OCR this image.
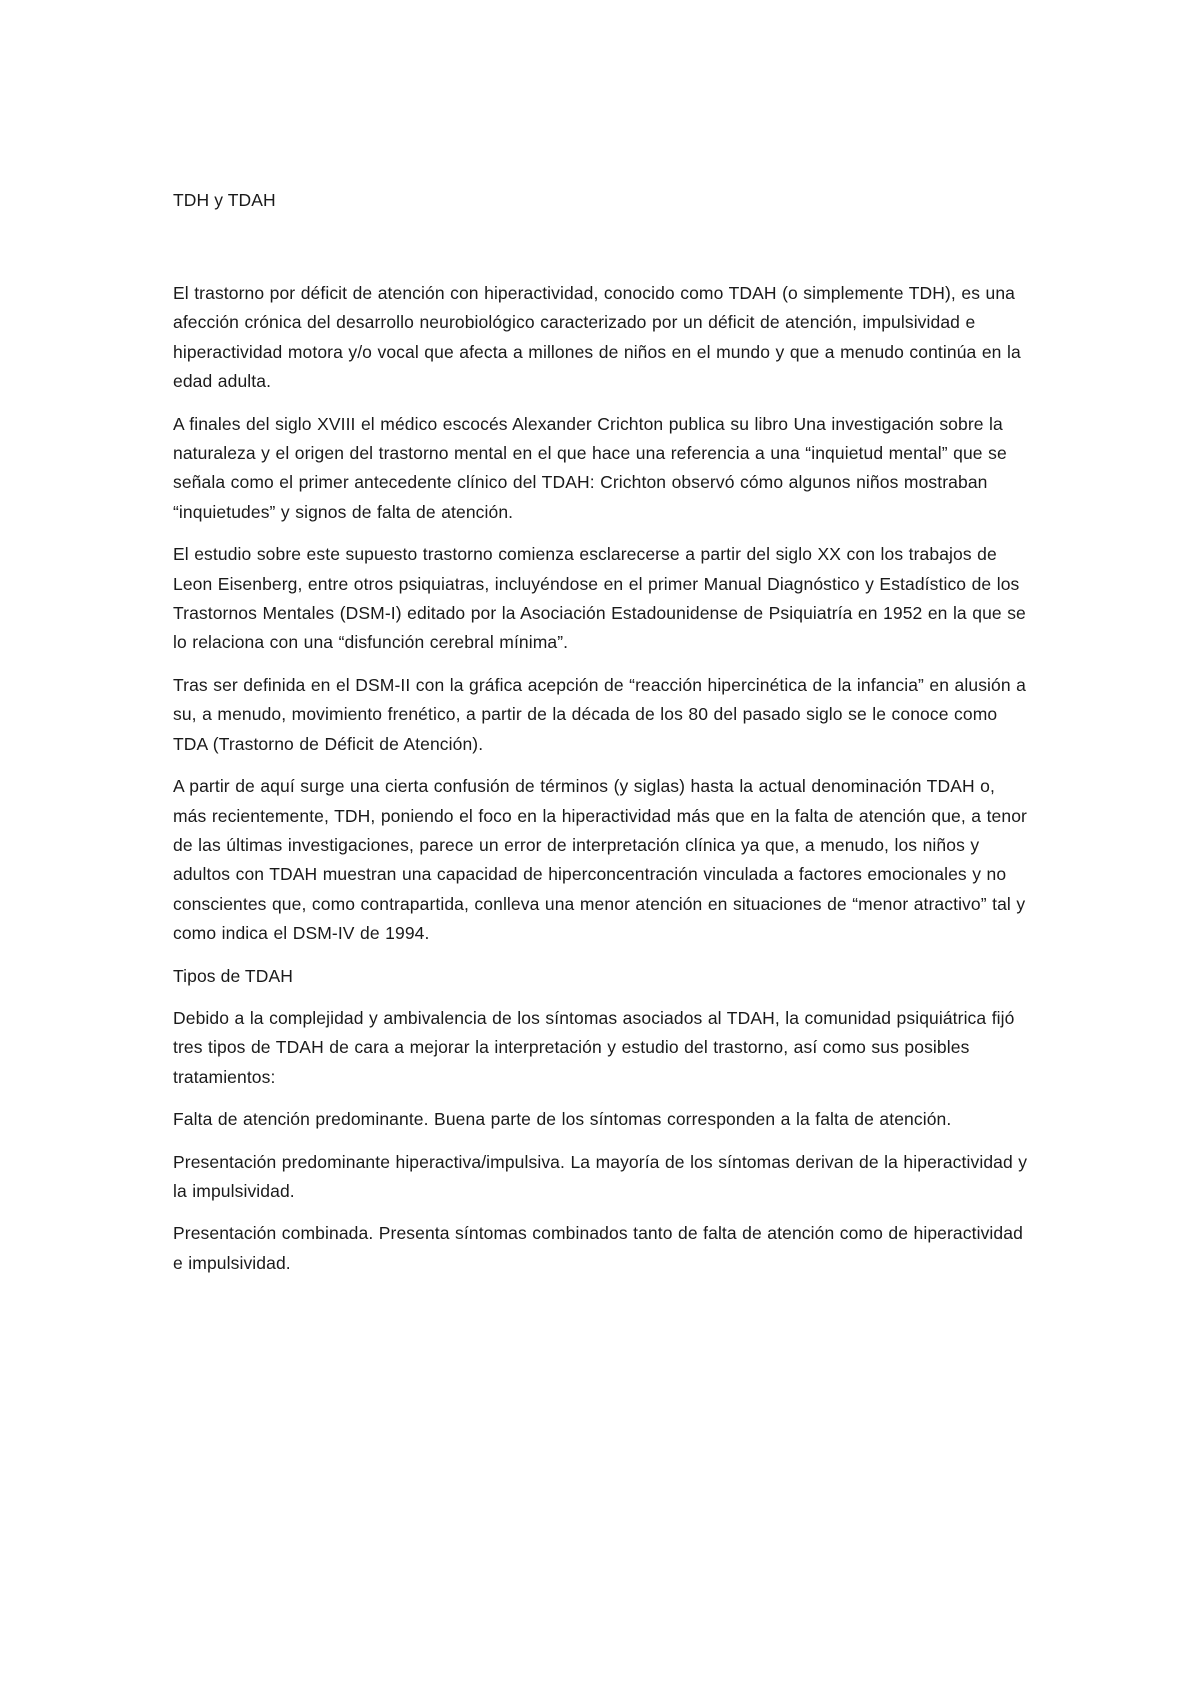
TDH y TDAH

El trastorno por déficit de atención con hiperactividad, conocido como TDAH (o simplemente TDH), es una afección crónica del desarrollo neurobiológico caracterizado por un déficit de atención, impulsividad e hiperactividad motora y/o vocal que afecta a millones de niños en el mundo y que a menudo continúa en la edad adulta.

A finales del siglo XVIII el médico escocés Alexander Crichton publica su libro Una investigación sobre la naturaleza y el origen del trastorno mental en el que hace una referencia a una “inquietud mental” que se señala como el primer antecedente clínico del TDAH: Crichton observó cómo algunos niños mostraban “inquietudes” y signos de falta de atención.

El estudio sobre este supuesto trastorno comienza esclarecerse a partir del siglo XX con los trabajos de Leon Eisenberg, entre otros psiquiatras, incluyéndose en el primer Manual Diagnóstico y Estadístico de los Trastornos Mentales (DSM-I) editado por la Asociación Estadounidense de Psiquiatría en 1952 en la que se lo relaciona con una “disfunción cerebral mínima”.

Tras ser definida en el DSM-II con la gráfica acepción de “reacción hipercinética de la infancia” en alusión a su, a menudo, movimiento frenético, a partir de la década de los 80 del pasado siglo se le conoce como TDA (Trastorno de Déficit de Atención).

A partir de aquí surge una cierta confusión de términos (y siglas) hasta la actual denominación TDAH o, más recientemente, TDH, poniendo el foco en la hiperactividad más que en la falta de atención que, a tenor de las últimas investigaciones, parece un error de interpretación clínica ya que, a menudo, los niños y adultos con TDAH muestran una capacidad de hiperconcentración vinculada a factores emocionales y no conscientes que, como contrapartida, conlleva una menor atención en situaciones de “menor atractivo” tal y como indica el DSM-IV de 1994.

Tipos de TDAH

Debido a la complejidad y ambivalencia de los síntomas asociados al TDAH, la comunidad psiquiátrica fijó tres tipos de TDAH de cara a mejorar la interpretación y estudio del trastorno, así como sus posibles tratamientos:

Falta de atención predominante. Buena parte de los síntomas corresponden a la falta de atención.

Presentación predominante hiperactiva/impulsiva. La mayoría de los síntomas derivan de la hiperactividad y la impulsividad.

Presentación combinada. Presenta síntomas combinados tanto de falta de atención como de hiperactividad e impulsividad.
